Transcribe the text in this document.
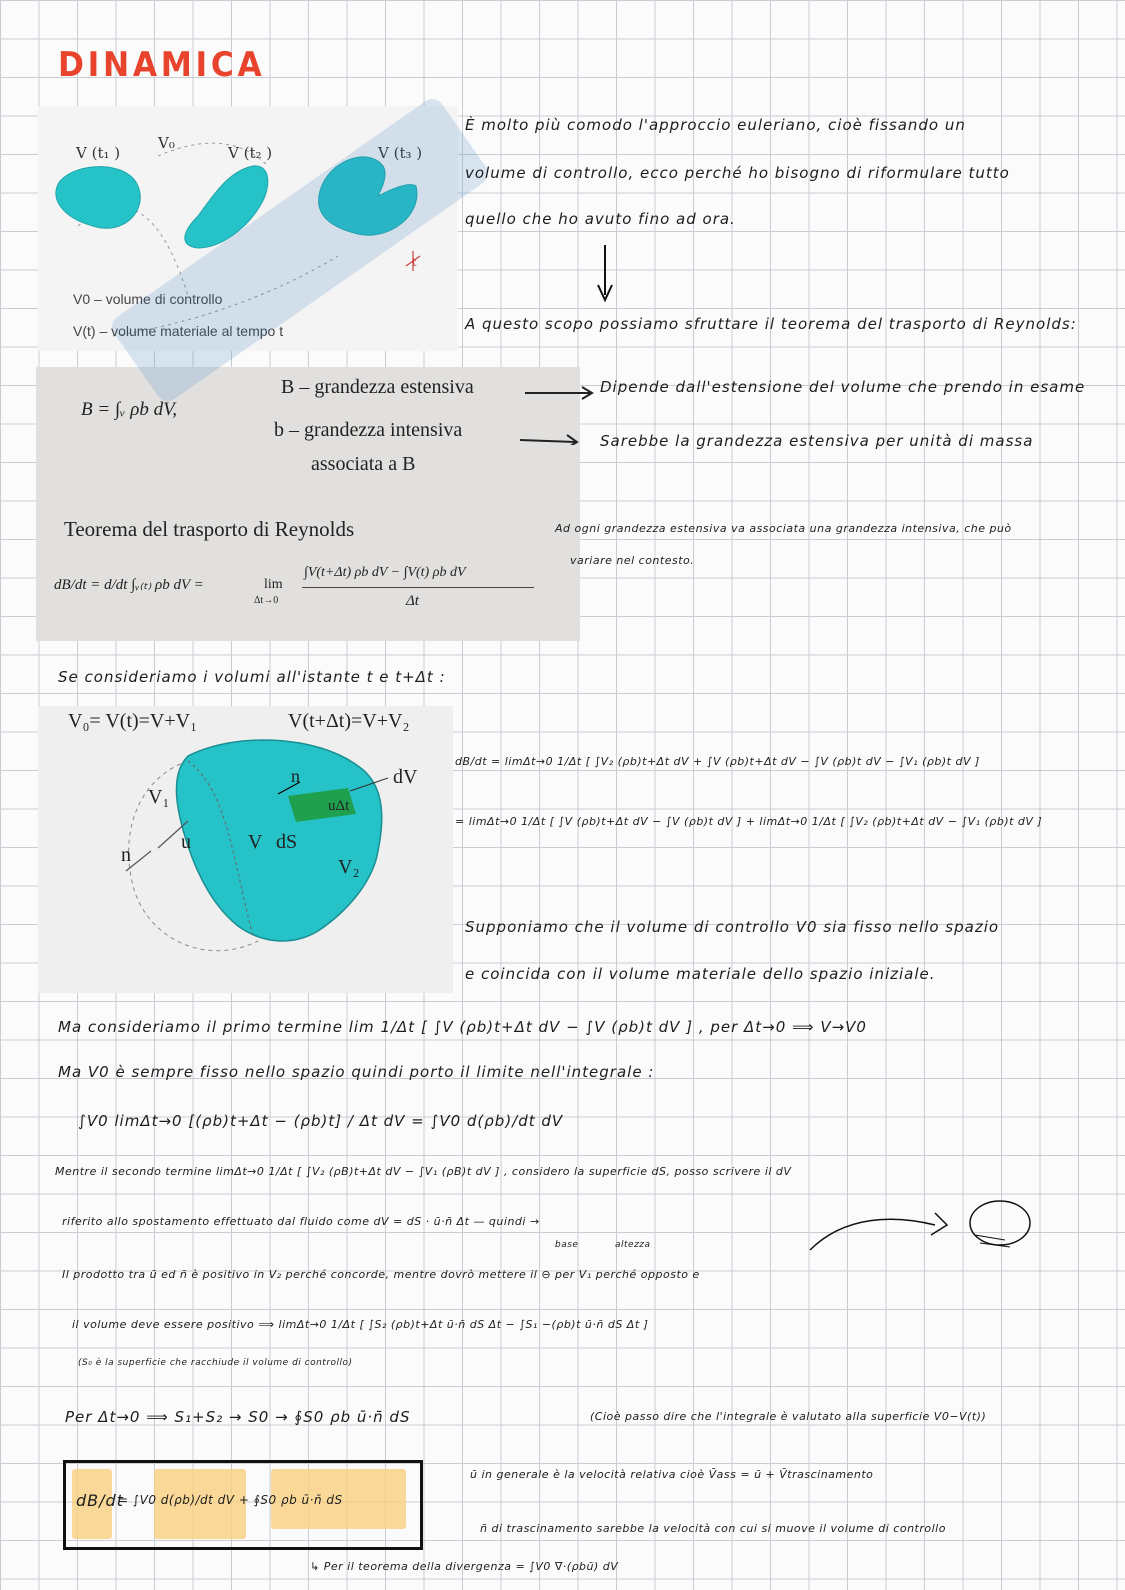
DINAMICA
V (t₁ )
V₀
V (t₂ )	V (t₃ )
V0 – volume di controllo
V(t) – volume materiale al tempo t
t
B = ∫ᵥ ρb dV,
B – grandezza estensiva
b – grandezza intensiva
associata a B
Teorema del trasporto di Reynolds
dB/dt = d/dt ∫ᵥ₍ₜ₎ ρb dV =	lim
Δt→0
∫V(t+Δt) ρb dV − ∫V(t) ρb dV
Δt
V₀= V(t)=V+V₁	V(t+Δt)=V+V₂
V₁
V dS
V₂
n
u
n	dV
uΔt
È molto più comodo l'approccio euleriano, cioè fissando un
volume di controllo, ecco perché ho bisogno di riformulare tutto
quello che ho avuto fino ad ora.
A questo scopo possiamo sfruttare il teorema del trasporto di Reynolds:
Dipende dall'estensione del volume che prendo in esame
Sarebbe la grandezza estensiva per unità di massa
Ad ogni grandezza estensiva va associata una grandezza intensiva, che può
variare nel contesto.
Se consideriamo i volumi all'istante t e t+Δt :
dB/dt = limΔt→0 1/Δt [ ∫V₂ (ρb)t+Δt dV + ∫V (ρb)t+Δt dV − ∫V (ρb)t dV − ∫V₁ (ρb)t dV ]
= limΔt→0 1/Δt [ ∫V (ρb)t+Δt dV − ∫V (ρb)t dV ] + limΔt→0 1/Δt [ ∫V₂ (ρb)t+Δt dV − ∫V₁ (ρb)t dV ]
Supponiamo che il volume di controllo V0 sia fisso nello spazio
e coincida con il volume materiale dello spazio iniziale.
Ma consideriamo il primo termine lim 1/Δt [ ∫V (ρb)t+Δt dV − ∫V (ρb)t dV ] , per Δt→0 ⟹ V→V0
Ma V0 è sempre fisso nello spazio quindi porto il limite nell'integrale :
∫V0 limΔt→0 [(ρb)t+Δt − (ρb)t] / Δt dV = ∫V0 d(ρb)/dt dV
Mentre il secondo termine limΔt→0 1/Δt [ ∫V₂ (ρB)t+Δt dV − ∫V₁ (ρB)t dV ] , considero la superficie dS, posso scrivere il dV
riferito allo spostamento effettuato dal fluido come dV = dS · ū·n̄ Δt — quindi →
base	altezza
Il prodotto tra ū ed n̄ è positivo in V₂ perché concorde, mentre dovrò mettere il ⊖ per V₁ perché opposto e
il volume deve essere positivo ⟹ limΔt→0 1/Δt [ ∫S₂ (ρb)t+Δt ū·n̄ dS Δt − ∫S₁ −(ρb)t ū·n̄ dS Δt ]
(S₀ è la superficie che racchiude il volume di controllo)
Per Δt→0 ⟹ S₁+S₂ → S0 → ∮S0 ρb ū·n̄ dS	(Cioè passo dire che l'integrale è valutato alla superficie V0−V(t))
dB/dt
= ∫V0 d(ρb)/dt dV + ∮S0 ρb ū·n̄ dS
ū in generale è la velocità relativa cioè V̄ass = ū + V̄trascinamento
n̄ di trascinamento sarebbe la velocità con cui si muove il volume di controllo
↳ Per il teorema della divergenza = ∫V0 ∇̄·(ρbū) dV
